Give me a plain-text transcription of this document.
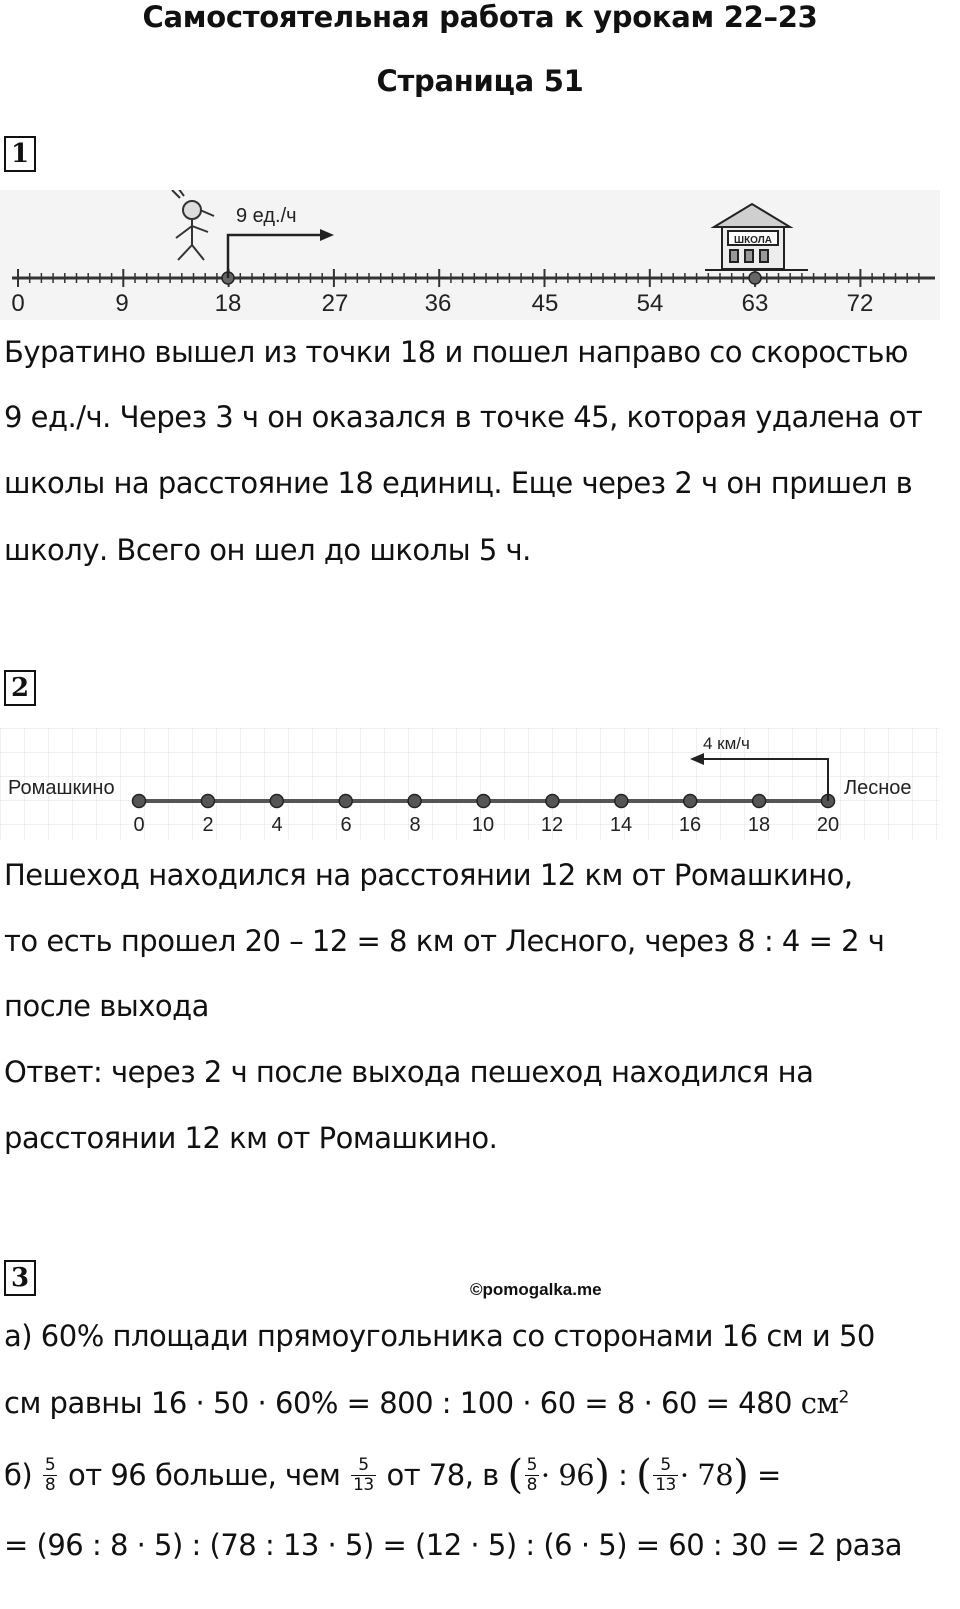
Самостоятельная работа к урокам 22–23
Страница 51
1
0	9	18	27	36	45	54	63	72
9 ед./ч
ШКОЛА
Буратино вышел из точки 18 и пошел направо со скоростью
9 ед./ч. Через 3 ч он оказался в точке 45, которая удалена от
школы на расстояние 18 единиц. Еще через 2 ч он пришел в
школу. Всего он шел до школы 5 ч.
2
0	2	4	6	8	10 12 14 16 18 20
Ромашкино	Лесное
4 км/ч
Пешеход находился на расстоянии 12 км от Ромашкино,
то есть прошел 20 – 12 = 8 км от Лесного, через 8 : 4 = 2 ч
после выхода
Ответ: через 2 ч после выхода пешеход находился на
расстоянии 12 км от Ромашкино.
3	©pomogalka.me
а) 60% площади прямоугольника со сторонами 16 см и 50
см равны 16 · 50 · 60% = 800 : 100 · 60 = 8 · 60 = 480 $см^2$
$б) \frac{5}{8}$ от 96 больше, чем $\frac{5}{13}$ от 78, в ( $\frac{5}{8} \cdot 96$ ) : ( $\frac{5}{13} \cdot 78$ ) =
= (96 : 8 · 5) : (78 : 13 · 5) = (12 · 5) : (6 · 5) = 60 : 30 = 2 раза
